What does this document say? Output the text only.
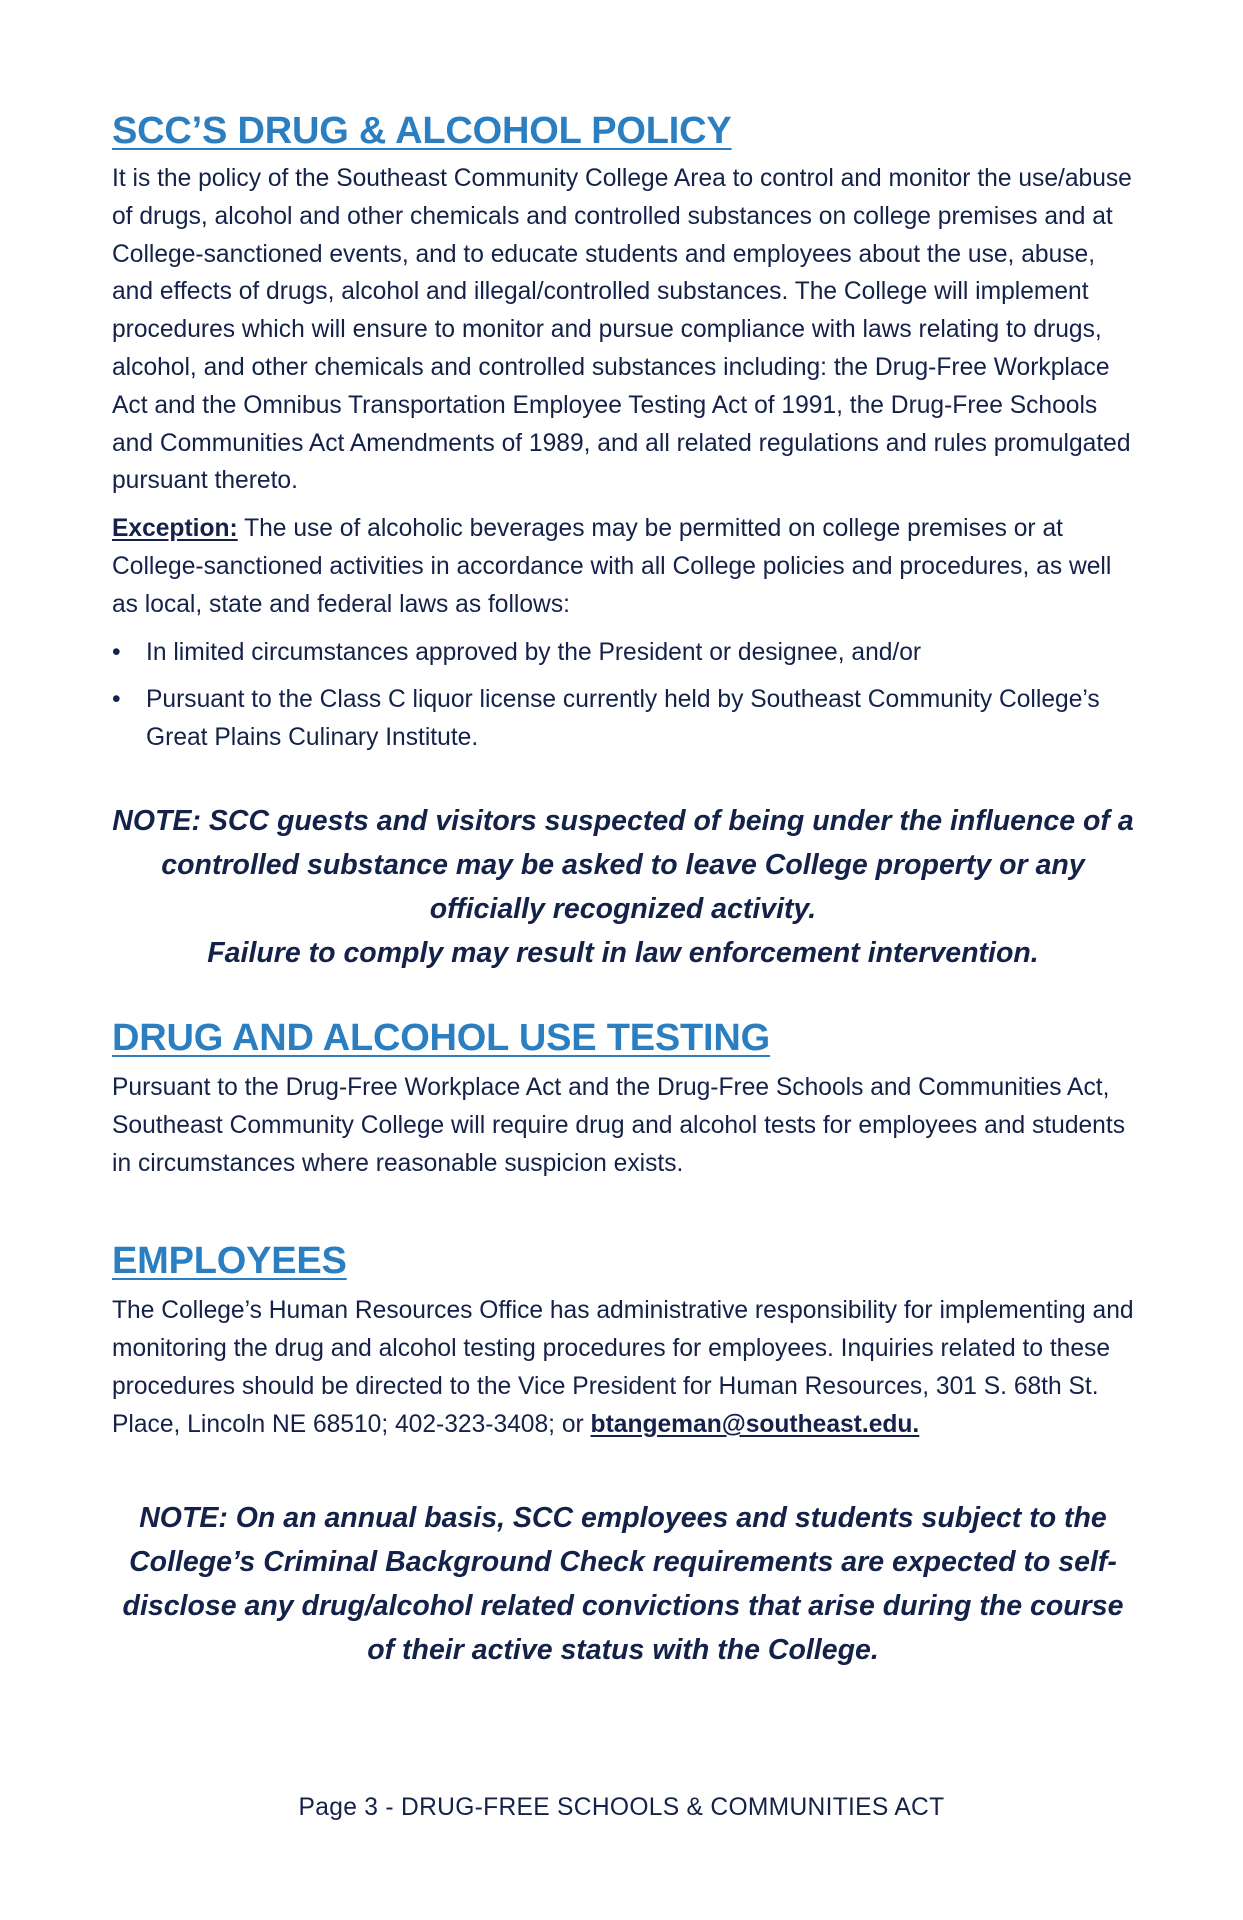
SCC’S DRUG & ALCOHOL POLICY

It is the policy of the Southeast Community College Area to control and monitor the use/abuse of drugs, alcohol and other chemicals and controlled substances on college premises and at College-sanctioned events, and to educate students and employees about the use, abuse, and effects of drugs, alcohol and illegal/controlled substances. The College will implement procedures which will ensure to monitor and pursue compliance with laws relating to drugs, alcohol, and other chemicals and controlled substances including: the Drug-Free Workplace Act and the Omnibus Transportation Employee Testing Act of 1991, the Drug-Free Schools and Communities Act Amendments of 1989, and all related regulations and rules promulgated pursuant thereto.

Exception: The use of alcoholic beverages may be permitted on college premises or at College-sanctioned activities in accordance with all College policies and procedures, as well as local, state and federal laws as follows:

•	In limited circumstances approved by the President or designee, and/or
•	Pursuant to the Class C liquor license currently held by Southeast Community College’s Great Plains Culinary Institute.
NOTE: SCC guests and visitors suspected of being under the influence of a controlled substance may be asked to leave College property or any officially recognized activity.
Failure to comply may result in law enforcement intervention.
DRUG AND ALCOHOL USE TESTING

Pursuant to the Drug-Free Workplace Act and the Drug-Free Schools and Communities Act, Southeast Community College will require drug and alcohol tests for employees and students in circumstances where reasonable suspicion exists.

EMPLOYEES

The College’s Human Resources Office has administrative responsibility for implementing and monitoring the drug and alcohol testing procedures for employees. Inquiries related to these procedures should be directed to the Vice President for Human Resources, 301 S. 68th St. Place, Lincoln NE 68510; 402-323-3408; or btangeman@southeast.edu.

NOTE: On an annual basis, SCC employees and students subject to the College’s Criminal Background Check requirements are expected to self-disclose any drug/alcohol related convictions that arise during the course of their active status with the College.
Page 3 - DRUG-FREE SCHOOLS & COMMUNITIES ACT
